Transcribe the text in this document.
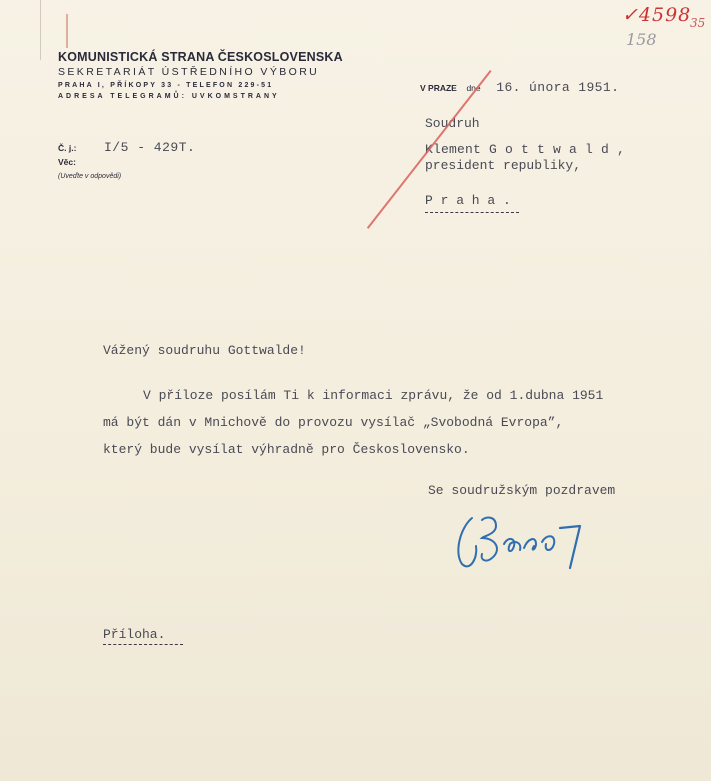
✓4598
35
158
KOMUNISTICKÁ STRANA ČESKOSLOVENSKA
SEKRETARIÁT ÚSTŘEDNÍHO VÝBORU
PRAHA I, PŘÍKOPY 33 - TELEFON 229-51
ADRESA TELEGRAMŮ: UVKOMSTRANY
Č. j.:	I/5 - 429T.
Věc:
(Uveďte v odpovědi)
V PRAZE dne 16. února 1951.
Soudruh
Klement G o t t w a l d ,
president republiky,
P r a h a .
Vážený soudruhu Gottwalde!
V příloze posílám Ti k informaci zprávu, že od 1.dubna 1951
má být dán v Mnichově do provozu vysílač „Svobodná Evropa”,
který bude vysílat výhradně pro Československo.
Se soudružským pozdravem
Příloha.
